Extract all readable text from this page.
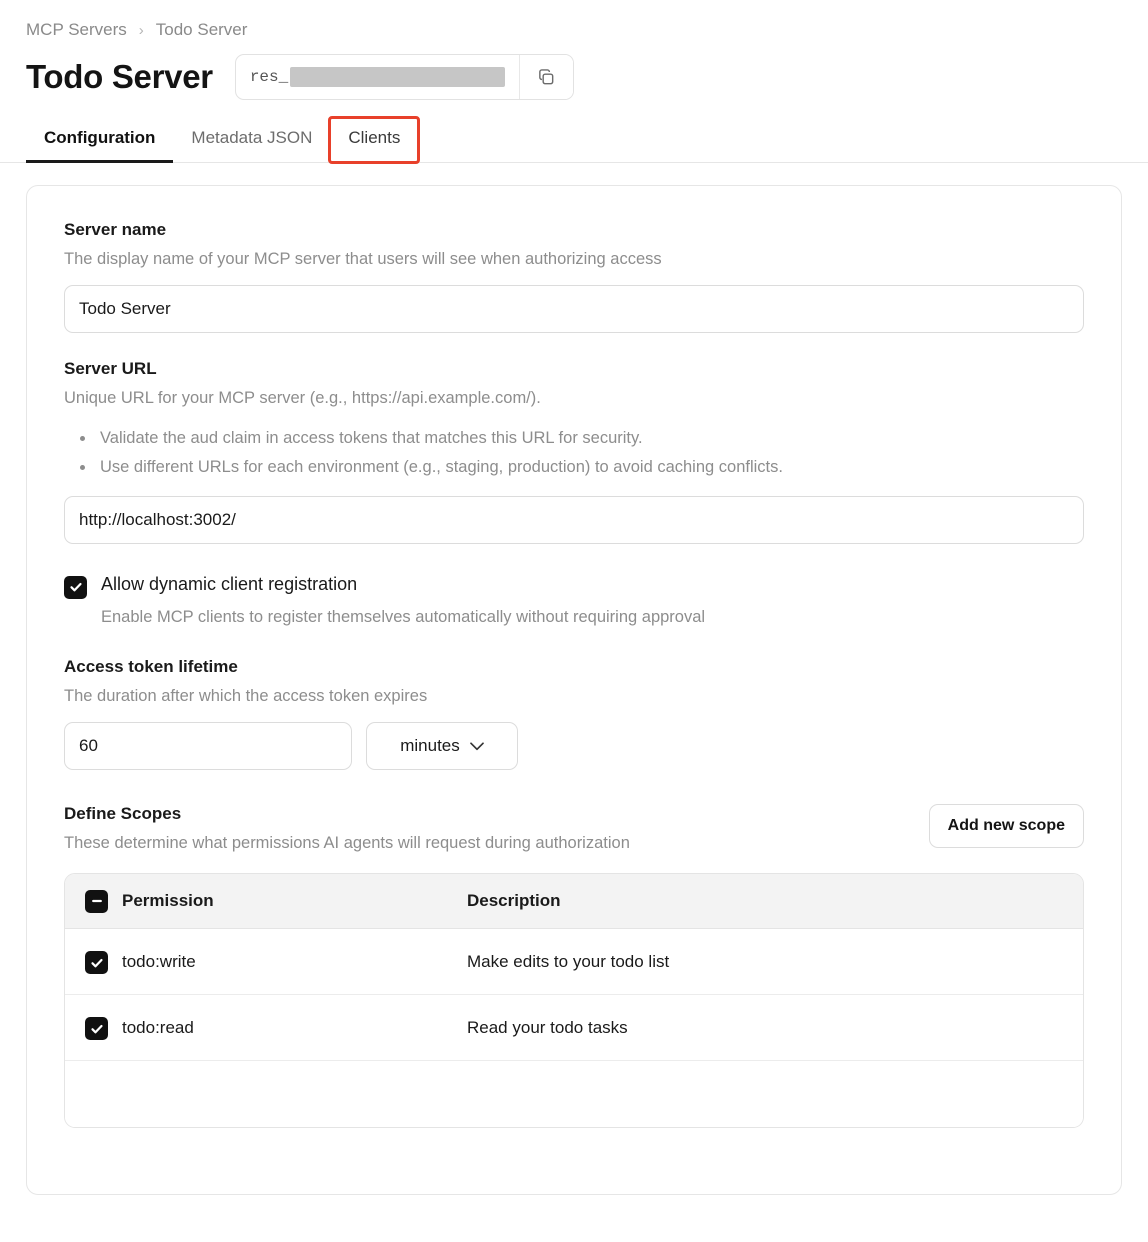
MCP Servers › Todo Server
Todo Server	res_
Configuration	Metadata JSON	Clients
Server name
The display name of your MCP server that users will see when authorizing access
Todo Server
Server URL
Unique URL for your MCP server (e.g., https://api.example.com/).
• Validate the aud claim in access tokens that matches this URL for security.
• Use different URLs for each environment (e.g., staging, production) to avoid caching conflicts.
http://localhost:3002/
Allow dynamic client registration
Enable MCP clients to register themselves automatically without requiring approval
Access token lifetime
The duration after which the access token expires
60
minutes
Define Scopes
These determine what permissions AI agents will request during authorization
Add new scope
Permission	Description
todo:write	Make edits to your todo list
todo:read	Read your todo tasks
